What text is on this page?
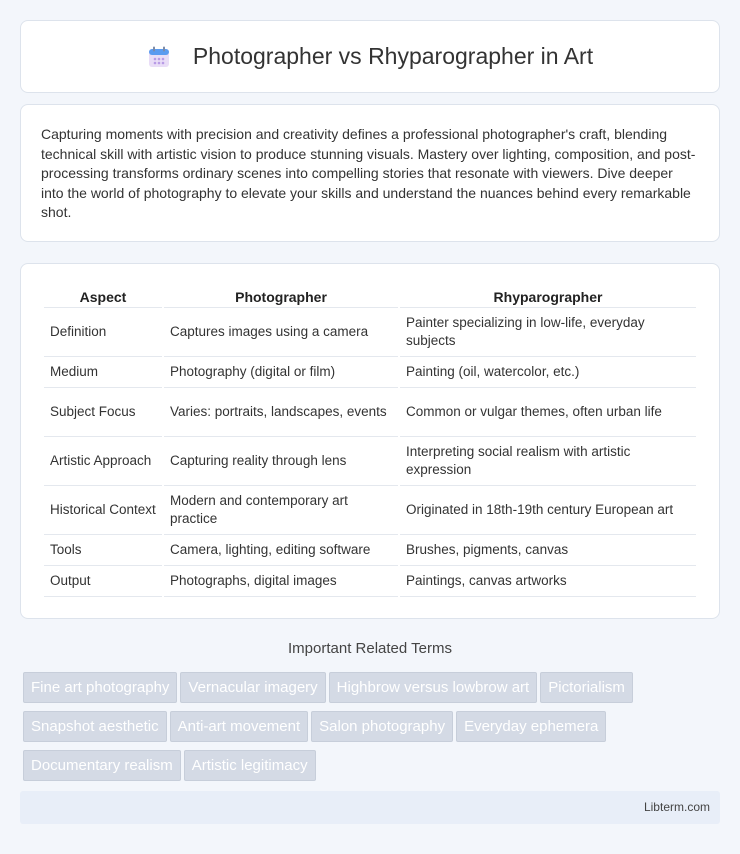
Photographer vs Rhyparographer in Art

Capturing moments with precision and creativity defines a professional photographer's craft, blending technical skill with artistic vision to produce stunning visuals. Mastery over lighting, composition, and post-processing transforms ordinary scenes into compelling stories that resonate with viewers. Dive deeper into the world of photography to elevate your skills and understand the nuances behind every remarkable shot.

Aspect	Photographer	Rhyparographer
Definition	Captures images using a camera	Painter specializing in low-life, everyday subjects
Medium	Photography (digital or film)	Painting (oil, watercolor, etc.)
Subject Focus	Varies: portraits, landscapes, events	Common or vulgar themes, often urban life
Artistic Approach	Capturing reality through lens	Interpreting social realism with artistic expression
Historical Context	Modern and contemporary art practice	Originated in 18th-19th century European art
Tools	Camera, lighting, editing software	Brushes, pigments, canvas
Output	Photographs, digital images	Paintings, canvas artworks
Important Related Terms
Fine art photography Vernacular imagery Highbrow versus lowbrow art Pictorialism
Snapshot aesthetic Anti-art movement Salon photography Everyday ephemera
Documentary realism Artistic legitimacy
Libterm.com
